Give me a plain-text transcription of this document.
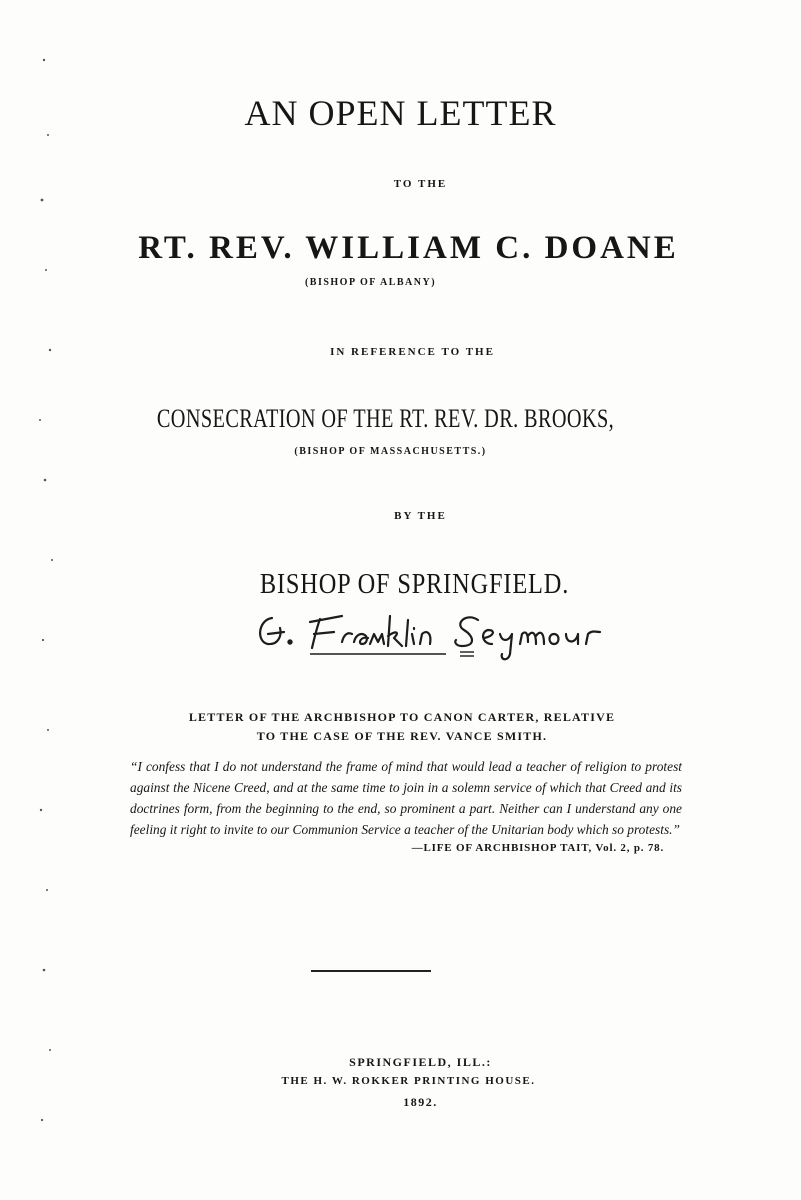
AN OPEN LETTER
TO THE
RT. REV. WILLIAM C. DOANE
(BISHOP OF ALBANY)
IN REFERENCE TO THE
CONSECRATION OF THE RT. REV. DR. BROOKS,
(BISHOP OF MASSACHUSETTS.)
BY THE
BISHOP OF SPRINGFIELD.
LETTER OF THE ARCHBISHOP TO CANON CARTER, RELATIVE
TO THE CASE OF THE REV. VANCE SMITH.
“I confess that I do not understand the frame of mind that would lead a teacher of religion to protest against the Nicene Creed, and at the same time to join in a solemn service of which that Creed and its doctrines form, from the beginning to the end, so prominent a part. Neither can I understand any one feeling it right to invite to our Communion Service a teacher of the Unitarian body which so protests.”
—LIFE OF ARCHBISHOP TAIT, Vol. 2, p. 78.
SPRINGFIELD, ILL.:
THE H. W. ROKKER PRINTING HOUSE.
1892.
